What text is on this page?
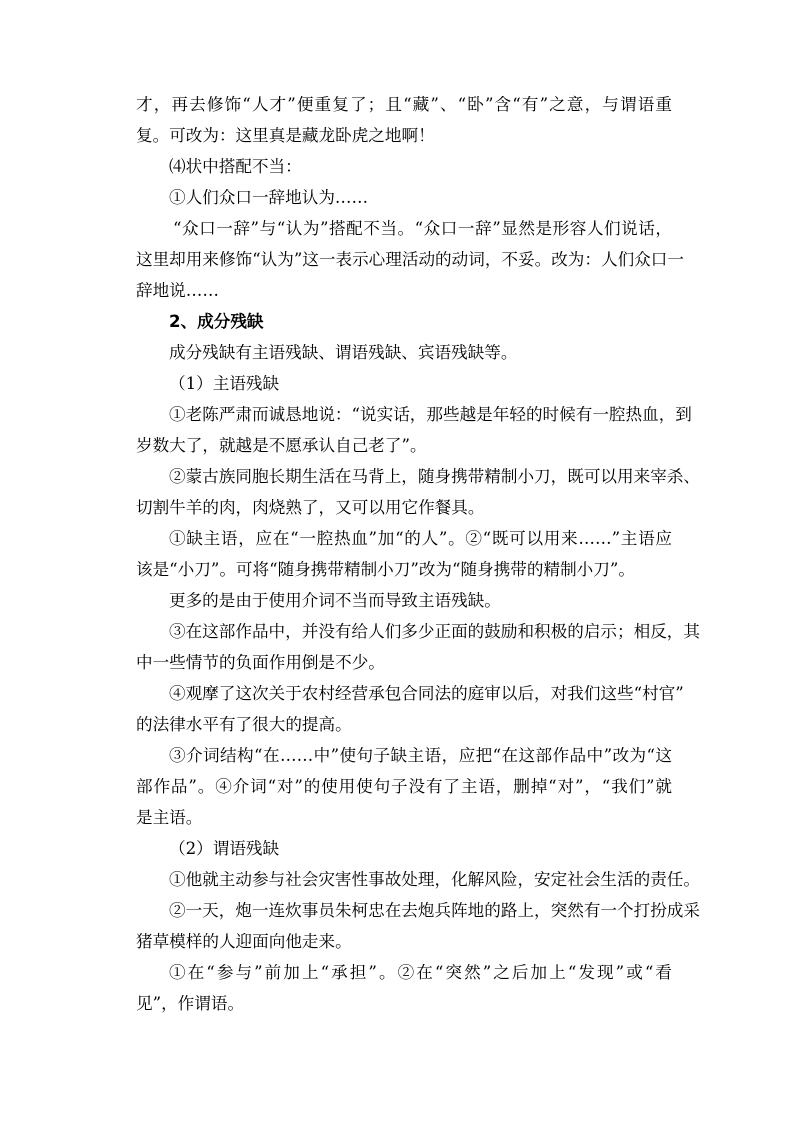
才，再去修饰“人才”便重复了；且“藏”、“卧”含“有”之意，与谓语重
复。可改为：这里真是藏龙卧虎之地啊！
⑷状中搭配不当：
①人们众口一辞地认为……
“众口一辞”与“认为”搭配不当。“众口一辞”显然是形容人们说话，
这里却用来修饰“认为”这一表示心理活动的动词，不妥。改为：人们众口一
辞地说……
2、成分残缺
成分残缺有主语残缺、谓语残缺、宾语残缺等。
（1）主语残缺
①老陈严肃而诚恳地说：“说实话，那些越是年轻的时候有一腔热血，到
岁数大了，就越是不愿承认自己老了”。
②蒙古族同胞长期生活在马背上，随身携带精制小刀，既可以用来宰杀、
切割牛羊的肉，肉烧熟了，又可以用它作餐具。
①缺主语，应在“一腔热血”加“的人”。②“既可以用来……”主语应
该是“小刀”。可将“随身携带精制小刀”改为“随身携带的精制小刀”。
更多的是由于使用介词不当而导致主语残缺。
③在这部作品中，并没有给人们多少正面的鼓励和积极的启示；相反，其
中一些情节的负面作用倒是不少。
④观摩了这次关于农村经营承包合同法的庭审以后，对我们这些“村官”
的法律水平有了很大的提高。
③介词结构“在……中”使句子缺主语，应把“在这部作品中”改为“这
部作品”。④介词“对”的使用使句子没有了主语，删掉“对”，“我们”就
是主语。
（2）谓语残缺
①他就主动参与社会灾害性事故处理，化解风险，安定社会生活的责任。
②一天，炮一连炊事员朱柯忠在去炮兵阵地的路上，突然有一个打扮成采
猪草模样的人迎面向他走来。
①在“参与”前加上“承担”。②在“突然”之后加上“发现”或“看
见”，作谓语。
